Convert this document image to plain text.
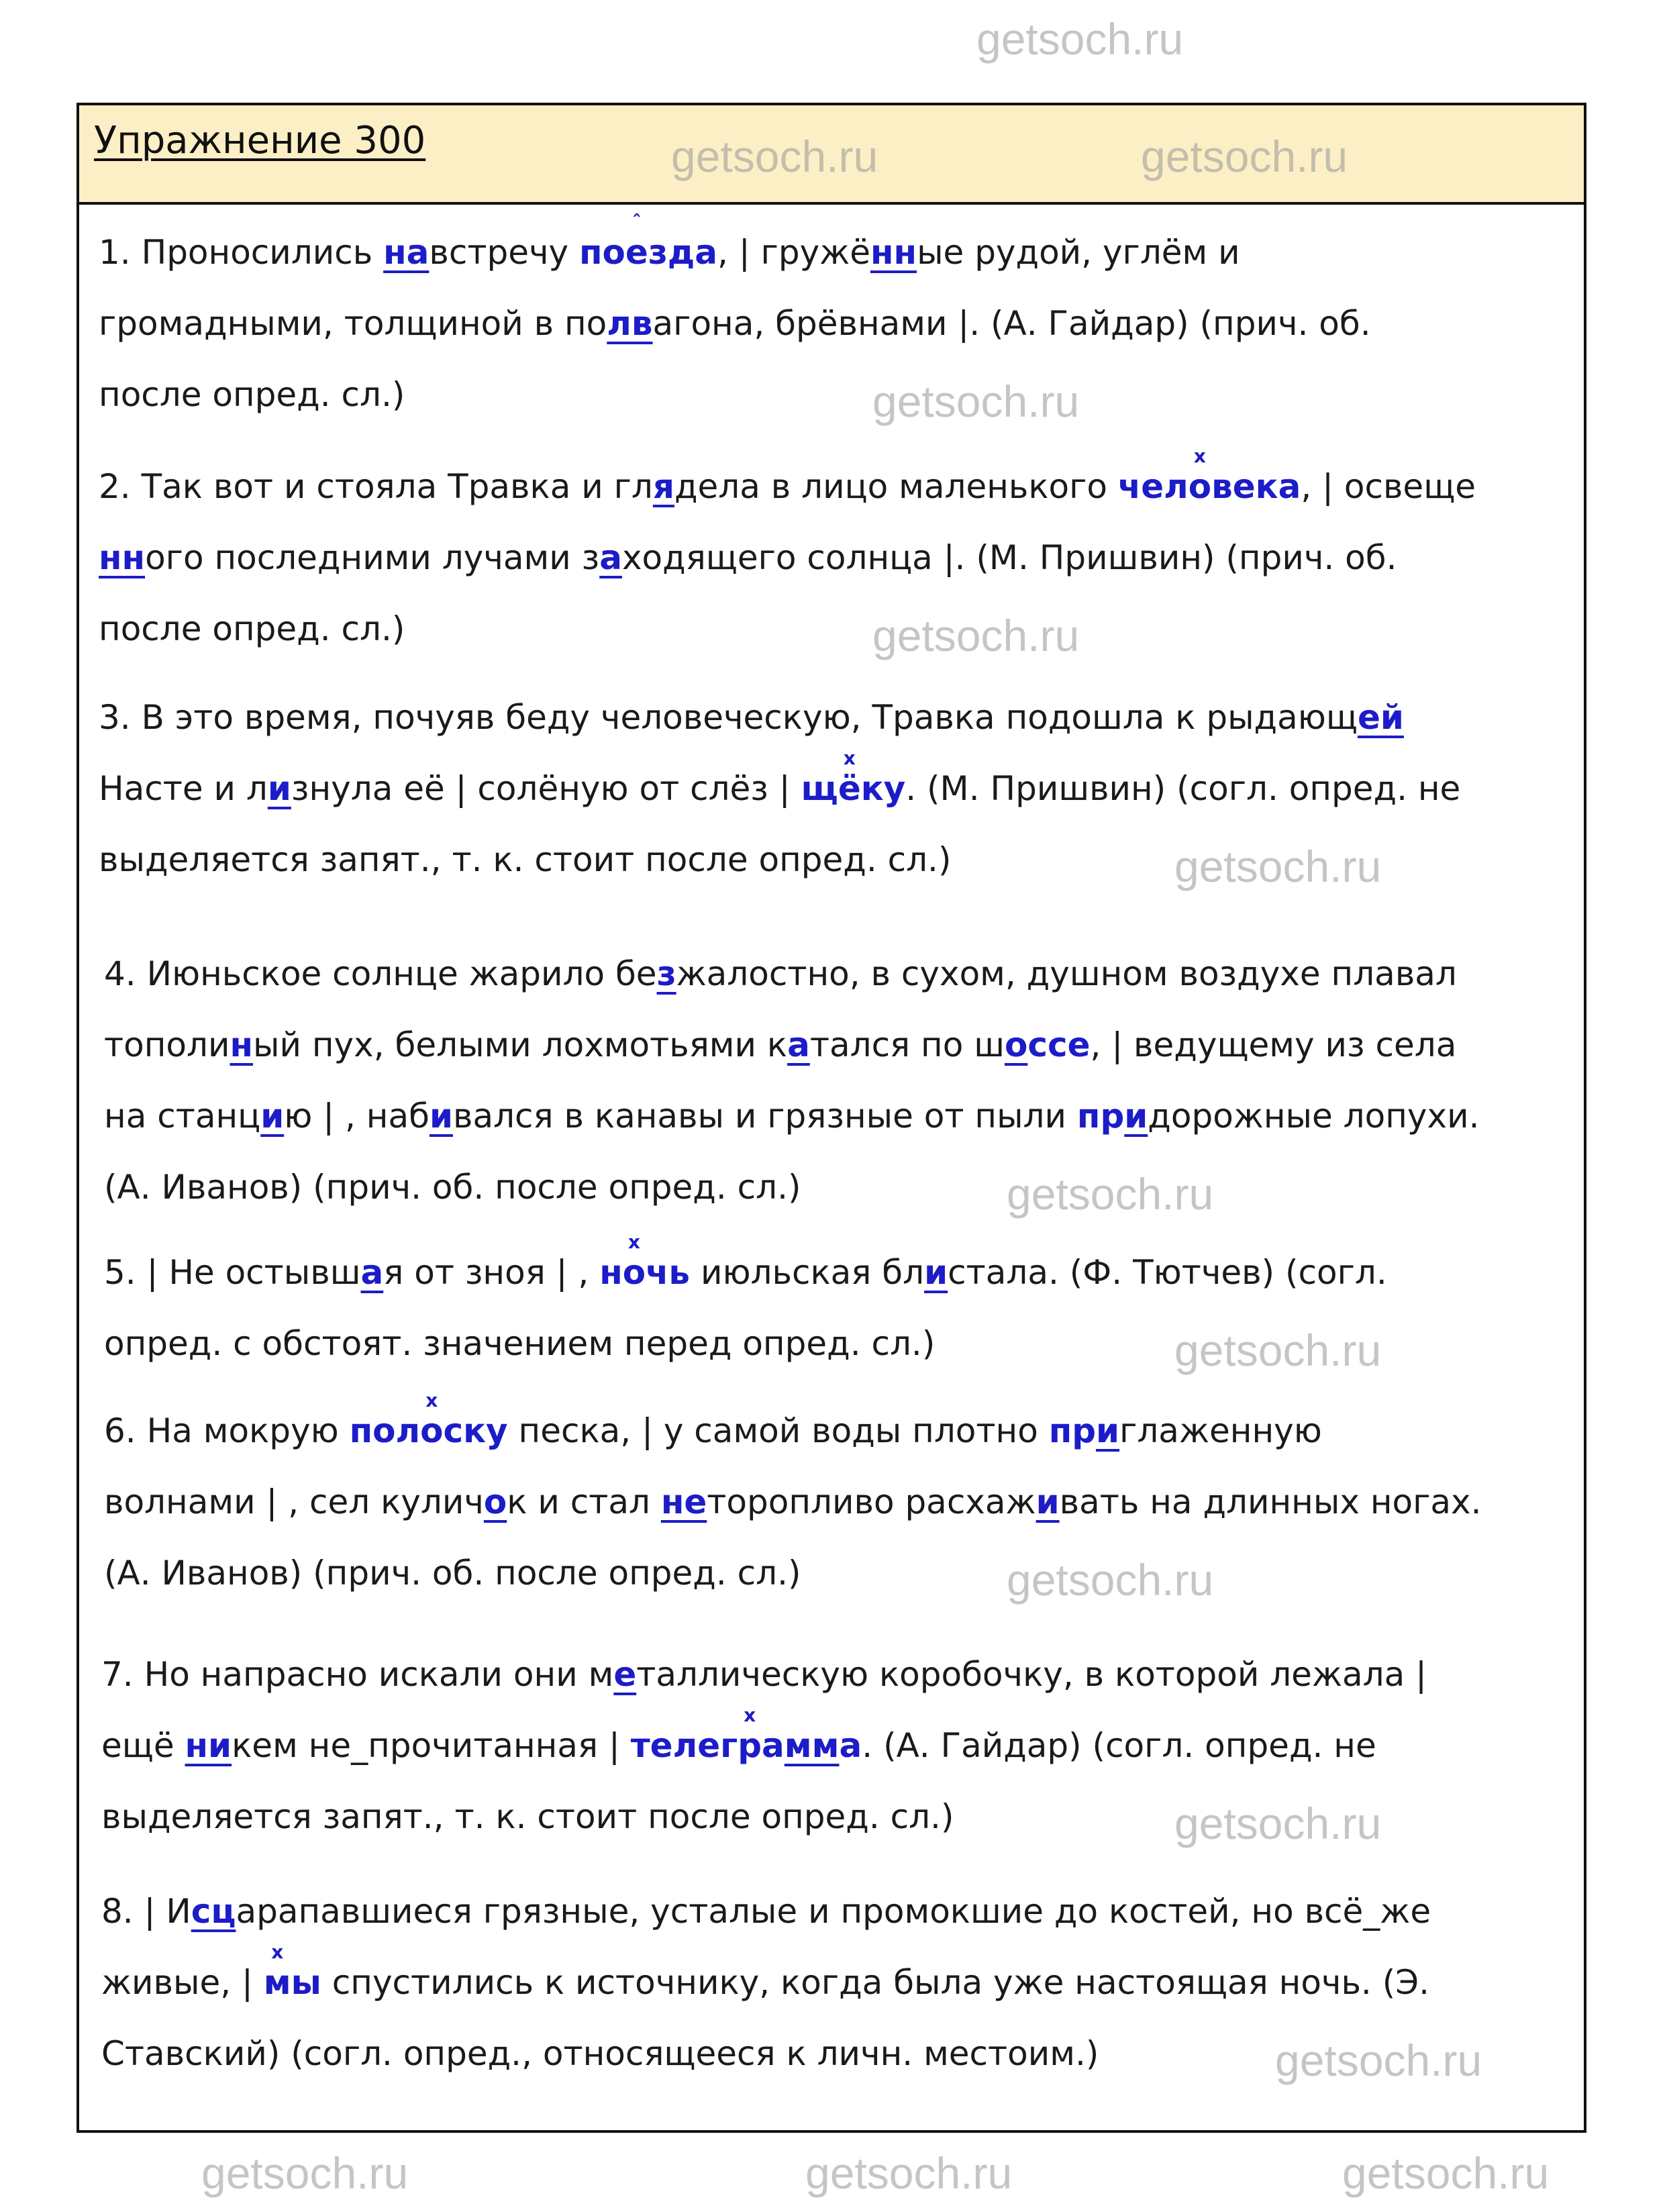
Упражнение 300
1. Проносились навстречу пое
ˆ
зда, | гружённые рудой, углём и
громадными, толщиной в полвагона, брёвнами |. (А. Гайдар) (прич. об.
после опред. сл.)
2. Так вот и стояла Травка и глядела в лицо маленького чело
x
века, | освеще
нного последними лучами заходящего солнца |. (М. Пришвин) (прич. об.
после опред. сл.)
3. В это время, почуяв беду человеческую, Травка подошла к рыдающей
Насте и лизнула её | солёную от слёз | щё
x
ку. (М. Пришвин) (согл. опред. не
выделяется запят., т. к. стоит после опред. сл.)
4. Июньское солнце жарило безжалостно, в сухом, душном воздухе плавал
тополиный пух, белыми лохмотьями катался по шоссе, | ведущему из села
на станцию | , набивался в канавы и грязные от пыли придорожные лопухи.
(А. Иванов) (прич. об. после опред. сл.)
5. | Не остывшая от зноя | , но
x
чь июльская блистала. (Ф. Тютчев) (согл.
опред. с обстоят. значением перед опред. сл.)
6. На мокрую поло
x
ску песка, | у самой воды плотно приглаженную
волнами | , сел куличок и стал неторопливо расхаживать на длинных ногах.
(А. Иванов) (прич. об. после опред. сл.)
7. Но напрасно искали они металлическую коробочку, в которой лежала |
ещё никем не_прочитанная | телегр
x
амма. (А. Гайдар) (согл. опред. не
выделяется запят., т. к. стоит после опред. сл.)
8. | Исцарапавшиеся грязные, усталые и промокшие до костей, но всё_же
живые, | м
x
ы спустились к источнику, когда была уже настоящая ночь. (Э.
Ставский) (согл. опред., относящееся к личн. местоим.)
getsoch.ru
getsoch.ru	getsoch.ru
getsoch.ru
getsoch.ru
getsoch.ru
getsoch.ru
getsoch.ru
getsoch.ru
getsoch.ru
getsoch.ru
getsoch.ru	getsoch.ru	getsoch.ru
